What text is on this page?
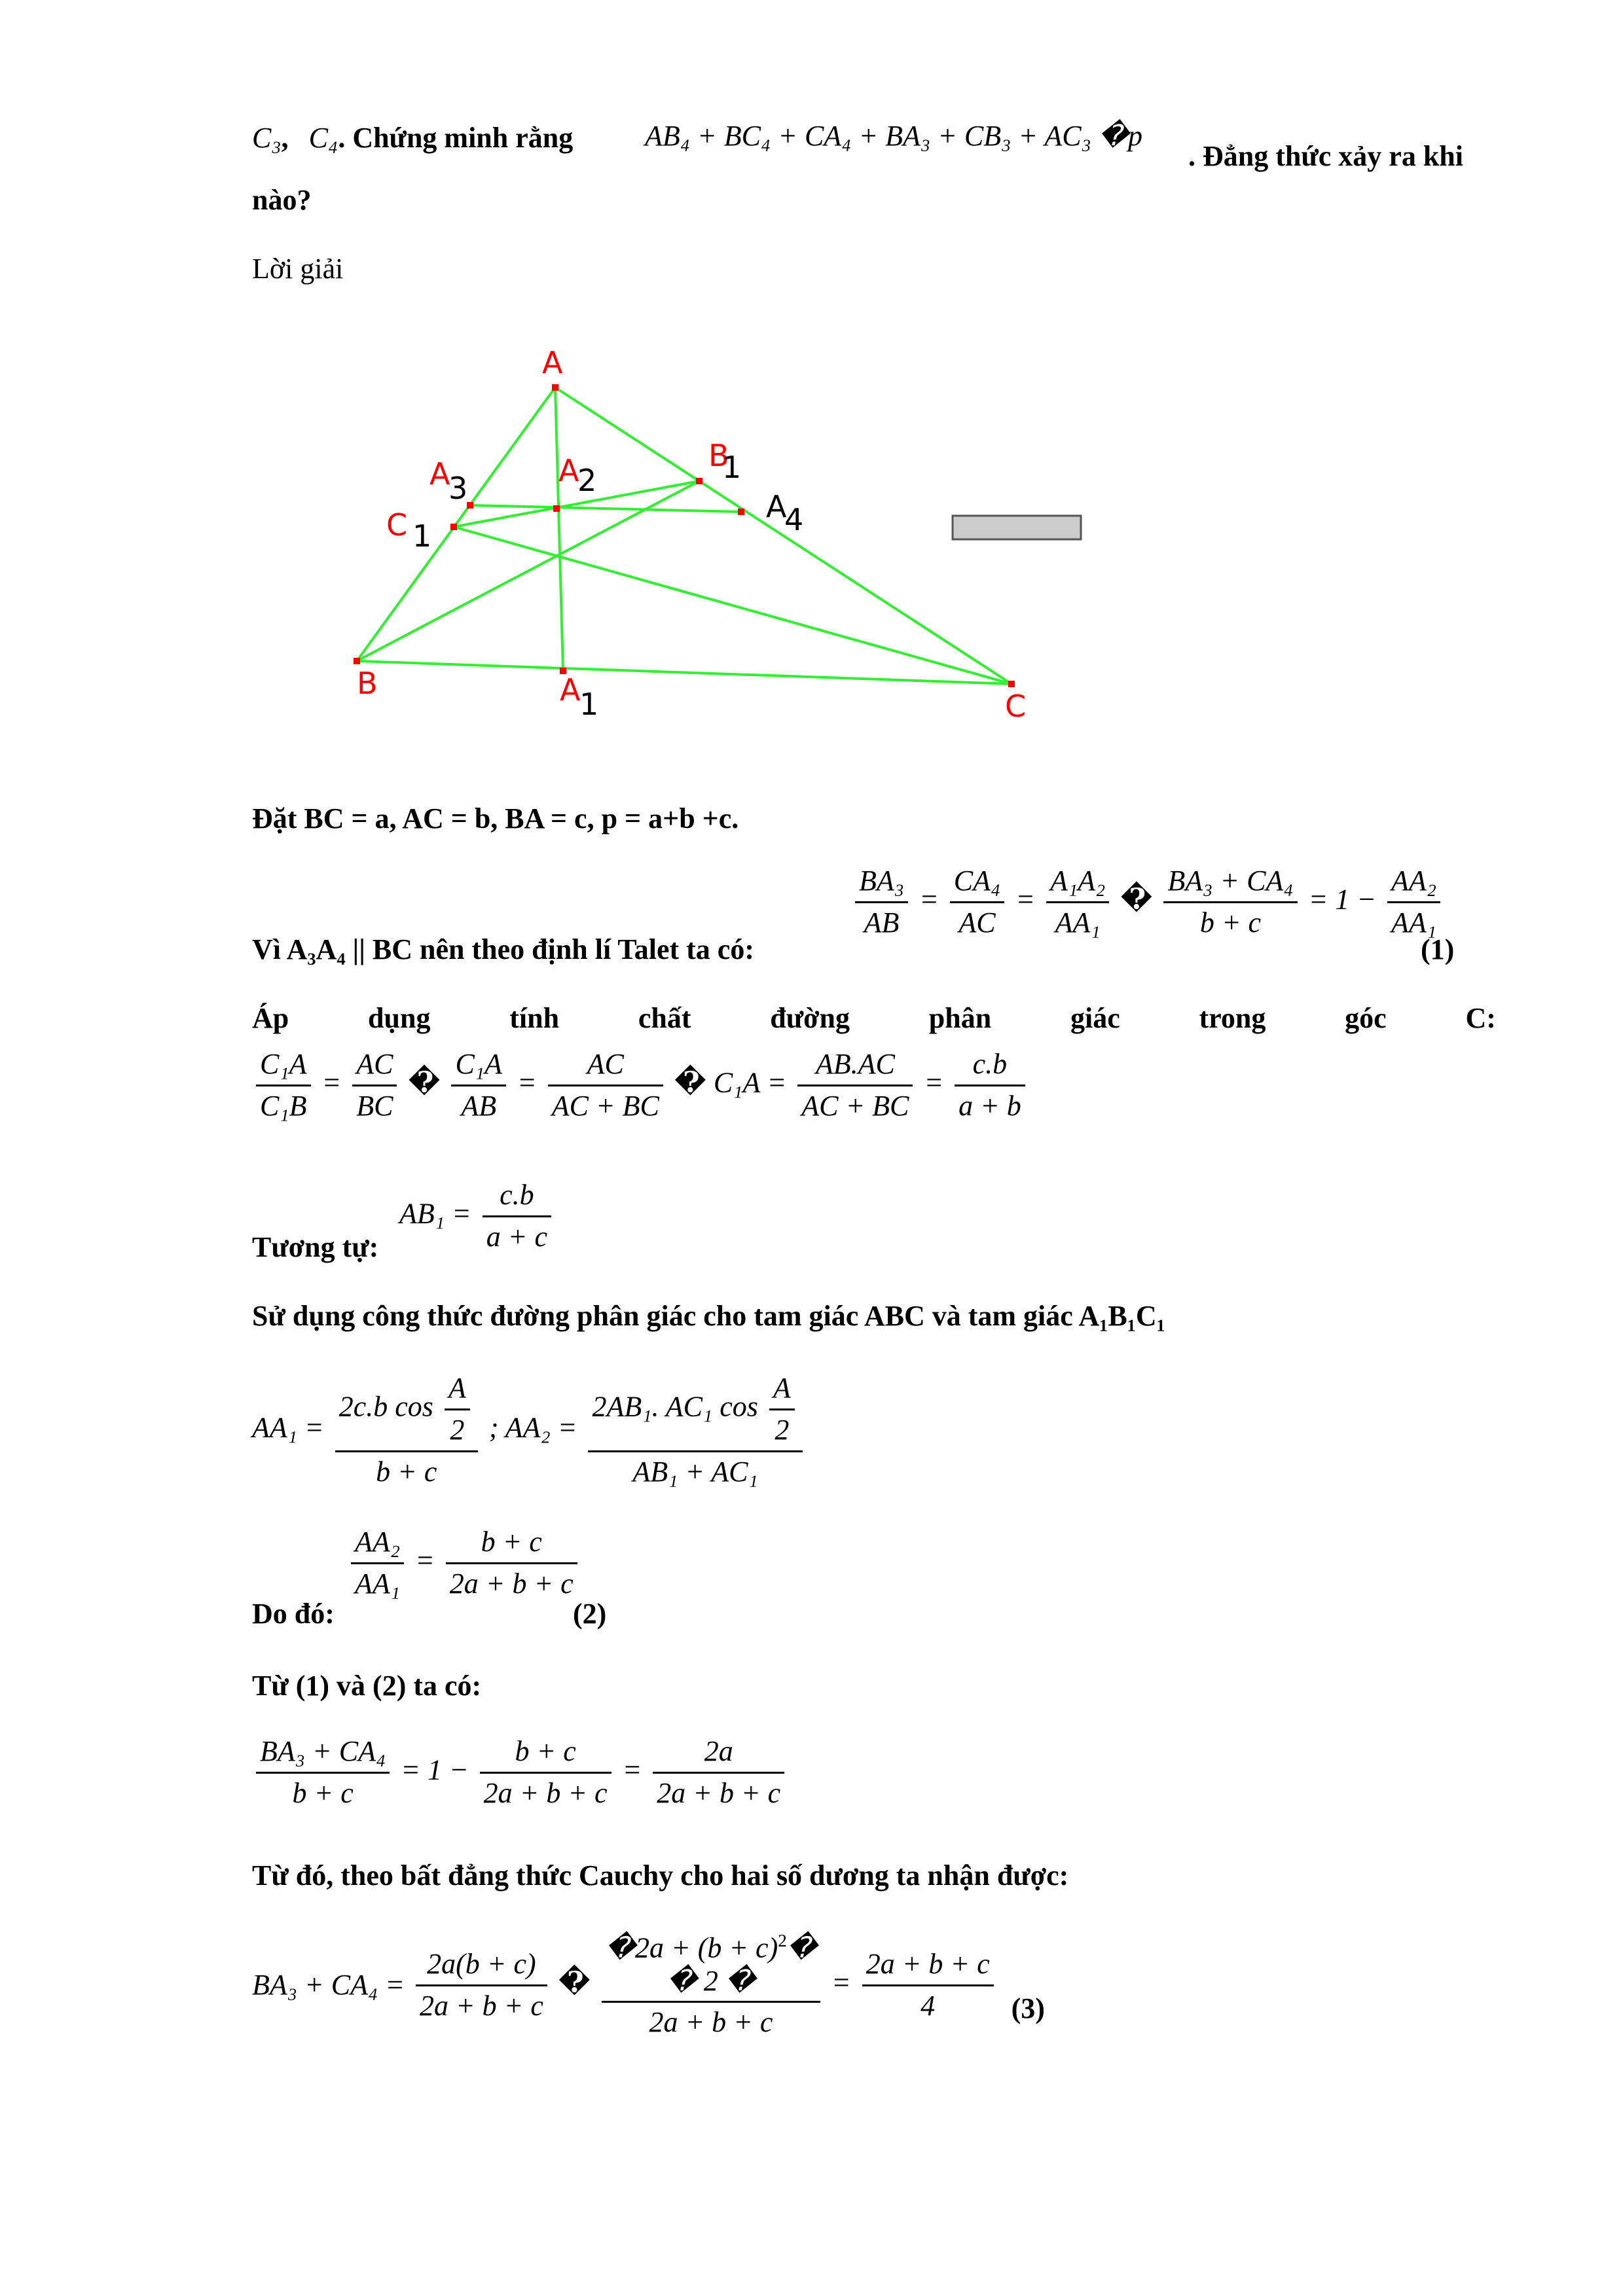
C₃, C₄. Chứng minh rằng AB₄ + BC₄ + CA₄ + BA₃ + CB₃ + AC₃ �p
. Đẳng thức xảy ra khi
nào?
Lời giải
A
B
C
A
1
A
2
A
3
A
4
B
1
C 1
Đặt BC = a, AC = b, BA = c, p = a+b +c.
$\frac{\text{BA₃}}{AB} = \frac{\text{CA₄}}{AC} = \frac{\text{A₁A₂}}{\text{AA₁}}$ � $\frac{\text{BA₃ + CA₄}}{b + c} = 1 - \frac{\text{AA₂}}{\text{AA₁}}$
Vì A₃A₄ || BC nên theo định lí Talet ta có:	(1)
Áp	dụng	tính	chất	đường	phân	giác	trong	góc	C:
$\frac{\text{C₁A}}{\text{C₁B}} = \frac{AC}{BC}$ � $\frac{\text{C₁A}}{AB} = \frac{AC}{AC + BC}$ � $C_1A = \frac{AB.AC}{AC + BC} = \frac{c.b}{a + b}$
$AB_1 = \frac{c.b}{a + c}$
Tương tự:
Sử dụng công thức đường phân giác cho tam giác ABC và tam giác A₁B₁C₁
$AA_1 = \frac{2c.b \cos \frac{A}{2}}{b + c}$ ; $AA_2 = \frac{2AB_1. AC_1 \cos \frac{A}{2}}{\text{AB₁ + AC₁}}$
$\frac{\text{AA₂}}{\text{AA₁}} = \frac{b + c}{2a + b + c}$
Do đó:	(2)
Từ (1) và (2) ta có:
$\frac{\text{BA₃ + CA₄}}{b + c} = 1 - \frac{b + c}{2a + b + c} = \frac{2a}{2a + b + c}$
Từ đó, theo bất đẳng thức Cauchy cho hai số dương ta nhận được:
$BA_3 + CA_4 = \frac{2a(b + c)}{2a + b + c}$ �
�2a + $(b + c)^2�$
� 2 �
2a + b + c
= $\frac{2a + b + c}{4} (3)$
